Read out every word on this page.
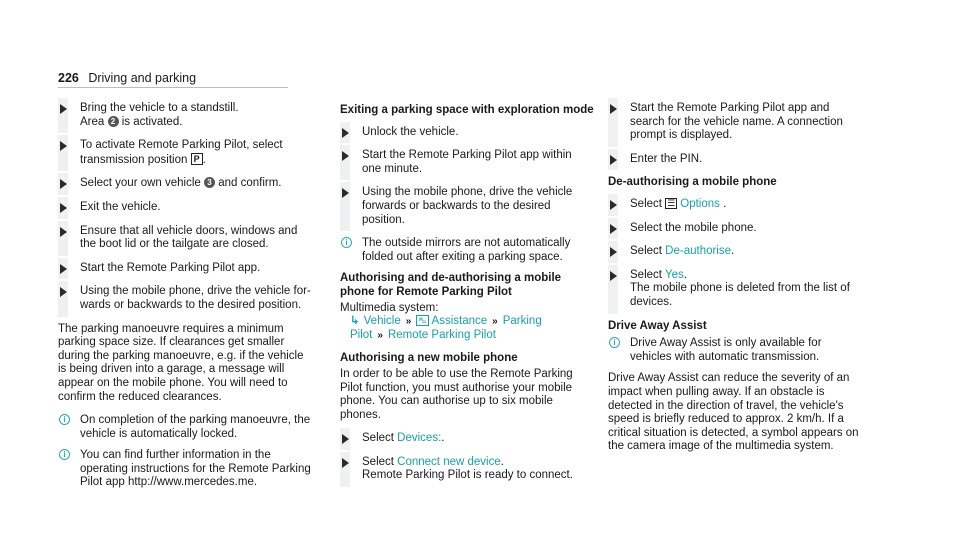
226 Driving and parking
Bring the vehicle to a standstill.
Area 2 is activated.
To activate Remote Parking Pilot, select
transmission position P .
Select your own vehicle 3 and confirm.
Exit the vehicle.
Ensure that all vehicle doors, windows and
the boot lid or the tailgate are closed.
Start the Remote Parking Pilot app.
Using the mobile phone, drive the vehicle for-
wards or backwards to the desired position.
The parking manoeuvre requires a minimum parking space size. If clearances get smaller during the parking manoeuvre, e.g. if the vehicle is being driven into a garage, a message will appear on the mobile phone. You will need to confirm the reduced clearances.
i	On completion of the parking manoeuvre, the vehicle is automatically locked.
i	You can find further information in the operating instructions for the Remote Parking Pilot app http://www.mercedes.me.
Exiting a parking space with exploration mode
Unlock the vehicle.
Start the Remote Parking Pilot app within one minute.
Using the mobile phone, drive the vehicle forwards or backwards to the desired position.
i	The outside mirrors are not automatically folded out after exiting a parking space.
Authorising and de-authorising a mobile phone for Remote Parking Pilot
Multimedia system:
↳ Vehicle » ⛍ Assistance » Parking Pilot » Remote Parking Pilot
Authorising a new mobile phone
In order to be able to use the Remote Parking Pilot function, you must authorise your mobile phone. You can authorise up to six mobile phones.
Select Devices:.
Select Connect new device.
Remote Parking Pilot is ready to connect.
Start the Remote Parking Pilot app and search for the vehicle name. A connection prompt is displayed.
Enter the PIN.
De-authorising a mobile phone
Select ☰ Options .
Select the mobile phone.
Select De-authorise.
Select Yes.
The mobile phone is deleted from the list of devices.
Drive Away Assist
i	Drive Away Assist is only available for vehicles with automatic transmission.
Drive Away Assist can reduce the severity of an impact when pulling away. If an obstacle is detected in the direction of travel, the vehicle's speed is briefly reduced to approx. 2 km/h. If a critical situation is detected, a symbol appears on the camera image of the multimedia system.
